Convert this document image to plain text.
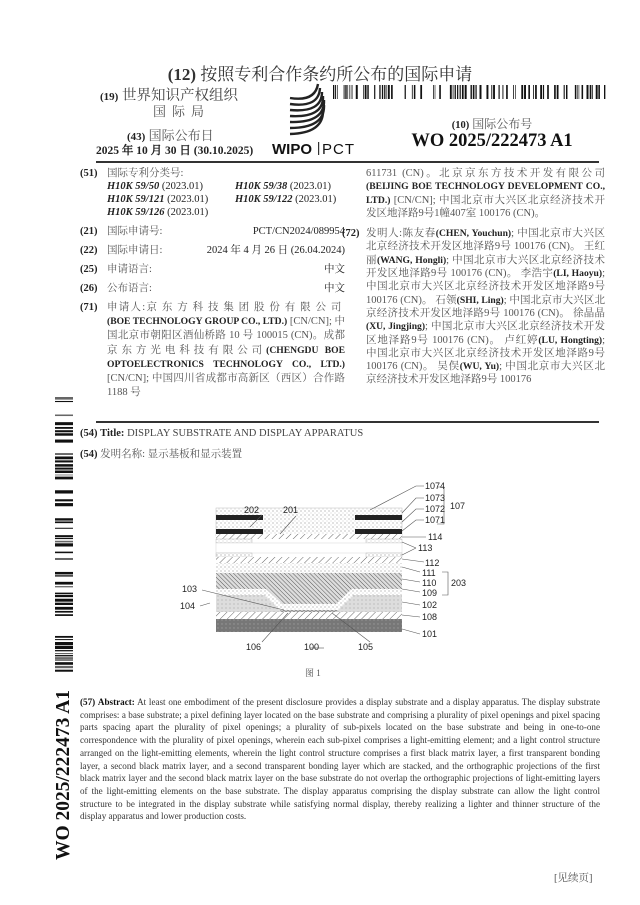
(12) 按照专利合作条约所公布的国际申请
(19) 世界知识产权组织
国际局
(43) 国际公布日
2025 年 10 月 30 日 (30.10.2025) WIPO PCT
(10) 国际公布号
WO 2025/222473 A1
(51) 国际专利分类号:
H10K 59/50 (2023.01)	H10K 59/38 (2023.01)
H10K 59/121 (2023.01)	H10K 59/122 (2023.01)
H10K 59/126 (2023.01)
(21) 国际申请号:	PCT/CN2024/089954
(22) 国际申请日:	2024 年 4 月 26 日 (26.04.2024)
(25) 申请语言:	中文
(26) 公布语言:	中文
(71) 申请人:京东方科技集团股份有限公司(BOE TECHNOLOGY GROUP CO., LTD.) [CN/CN]; 中国北京市朝阳区酒仙桥路 10 号 100015 (CN)。成都京东方光电科技有限公司(CHENGDU BOE OPTOELECTRONICS TECHNOLOGY CO., LTD.) [CN/CN]; 中国四川省成都市高新区（西区）合作路 1188 号
611731 (CN)。北京京东方技术开发有限公司(BEIJING BOE TECHNOLOGY DEVELOPMENT CO., LTD.) [CN/CN]; 中国北京市大兴区北京经济技术开发区地泽路9号1幢407室 100176 (CN)。
(72) 发明人:陈友春(CHEN, Youchun); 中国北京市大兴区北京经济技术开发区地泽路9号 100176 (CN)。 王红丽(WANG, Hongli); 中国北京市大兴区北京经济技术开发区地泽路9号 100176 (CN)。 李浩宇(LI, Haoyu); 中国北京市大兴区北京经济技术开发区地泽路9号 100176 (CN)。 石领(SHI, Ling); 中国北京市大兴区北京经济技术开发区地泽路9号 100176 (CN)。 徐晶晶(XU, Jingjing); 中国北京市大兴区北京经济技术开发区地泽路9号 100176 (CN)。 卢红婷(LU, Hongting); 中国北京市大兴区北京经济技术开发区地泽路9号 100176 (CN)。 吴俣(WU, Yu); 中国北京市大兴区北京经济技术开发区地泽路9号 100176
(54) Title: DISPLAY SUBSTRATE AND DISPLAY APPARATUS
(54) 发明名称: 显示基板和显示装置
1074
1073
1072
1071
107
114
113
112
111
110
109
203
102
108
101
202	201
103
104
106	100	105
图 1
(57) Abstract: At least one embodiment of the present disclosure provides a display substrate and a display apparatus. The display substrate comprises: a base substrate; a pixel defining layer located on the base substrate and comprising a plurality of pixel openings and pixel spacing parts spacing apart the plurality of pixel openings; a plurality of sub-pixels located on the base substrate and being in one-to-one correspondence with the plurality of pixel openings, wherein each sub-pixel comprises a light-emitting element; and a light control structure arranged on the light-emitting elements, wherein the light control structure comprises a first black matrix layer, a first transparent bonding layer, a second black matrix layer, and a second transparent bonding layer which are stacked, and the orthographic projections of the first black matrix layer and the second black matrix layer on the base substrate do not overlap the orthographic projections of light-emitting layers of the light-emitting elements on the base substrate. The display apparatus comprising the display substrate can allow the light control structure to be integrated in the display substrate while satisfying normal display, thereby realizing a lighter and thinner structure of the display apparatus and lower production costs.
[见续页]
WO 2025/222473 A1
